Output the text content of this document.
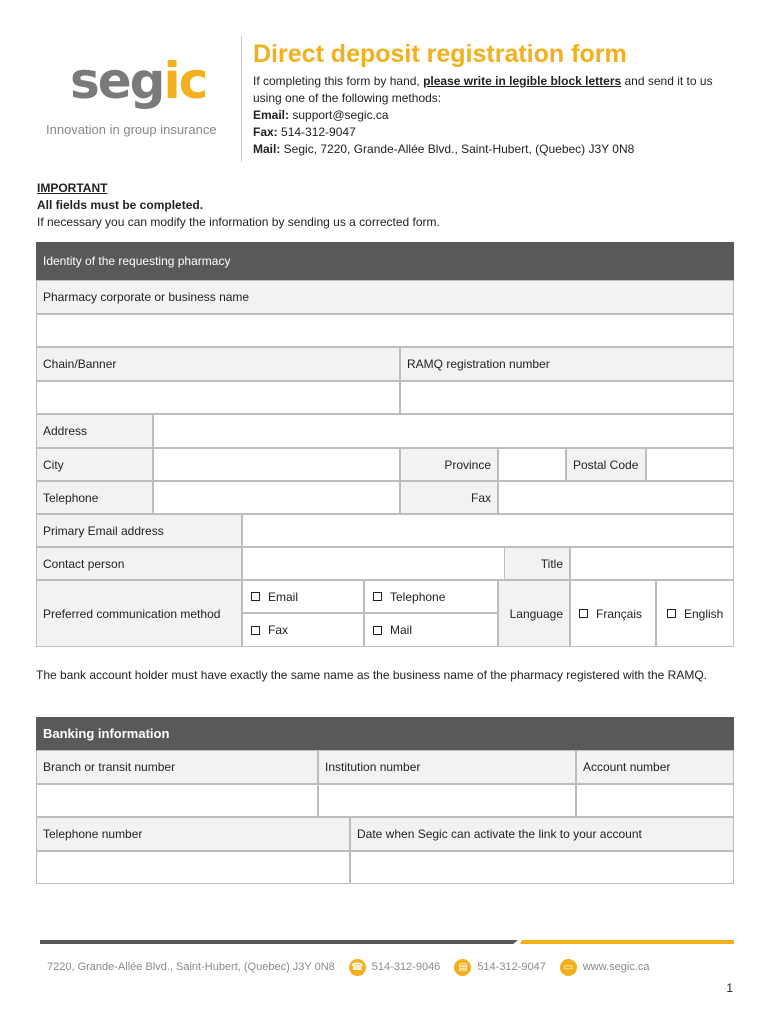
segic
Innovation in group insurance
Direct deposit registration form
If completing this form by hand, please write in legible block letters and send it to us using one of the following methods:
Email: support@segic.ca
Fax: 514-312-9047
Mail: Segic, 7220, Grande-Allée Blvd., Saint-Hubert, (Quebec) J3Y 0N8
IMPORTANT
All fields must be completed.
If necessary you can modify the information by sending us a corrected form.
Identity of the requesting pharmacy
Pharmacy corporate or business name
Chain/Banner	RAMQ registration number
Address
City	Province	Postal Code
Telephone	Fax
Primary Email address
Contact person	Title
Preferred communication method
Email	Telephone
Fax	Mail
Language	Français	English
The bank account holder must have exactly the same name as the business name of the pharmacy registered with the RAMQ.
Banking information
Branch or transit number	Institution number	Account number
Telephone number	Date when Segic can activate the link to your account
7220, Grande-Allée Blvd., Saint-Hubert, (Quebec) J3Y 0N8 ☎ 514-312-9046	▤ 514-312-9047	▭ www.segic.ca
1
